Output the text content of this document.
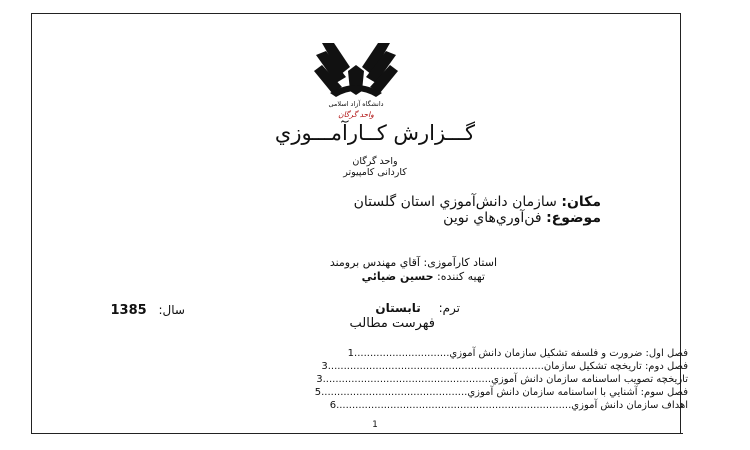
دانشگاه آزاد اسلامی
واحد گرگان
گـــزارش كــارآمـــوزي
واحد گرگان
کاردانی کامپیوتر
مكان: سازمان دانش‌آموزي استان گلستان
موضوع: فن‌آوري‌هاي نوين
استاد کارآموزی: آقاي مهندس برومند
تهيه كننده: حسين ضيائي
ترم: تابستان
سال: 1385
فهرست مطالب
فصل اول: ضرورت و فلسفه تشكيل سازمان دانش آموزي..............................1
فصل دوم: تاريخچه تشكيل سازمان....................................................................3
تاريخچه تصويب اساسنامه سازمان دانش آموزي.....................................................3
فصل سوم: آشنايي با اساسنامه سازمان دانش آموزي..............................................5
اهداف سازمان دانش آموزي..........................................................................6
1
